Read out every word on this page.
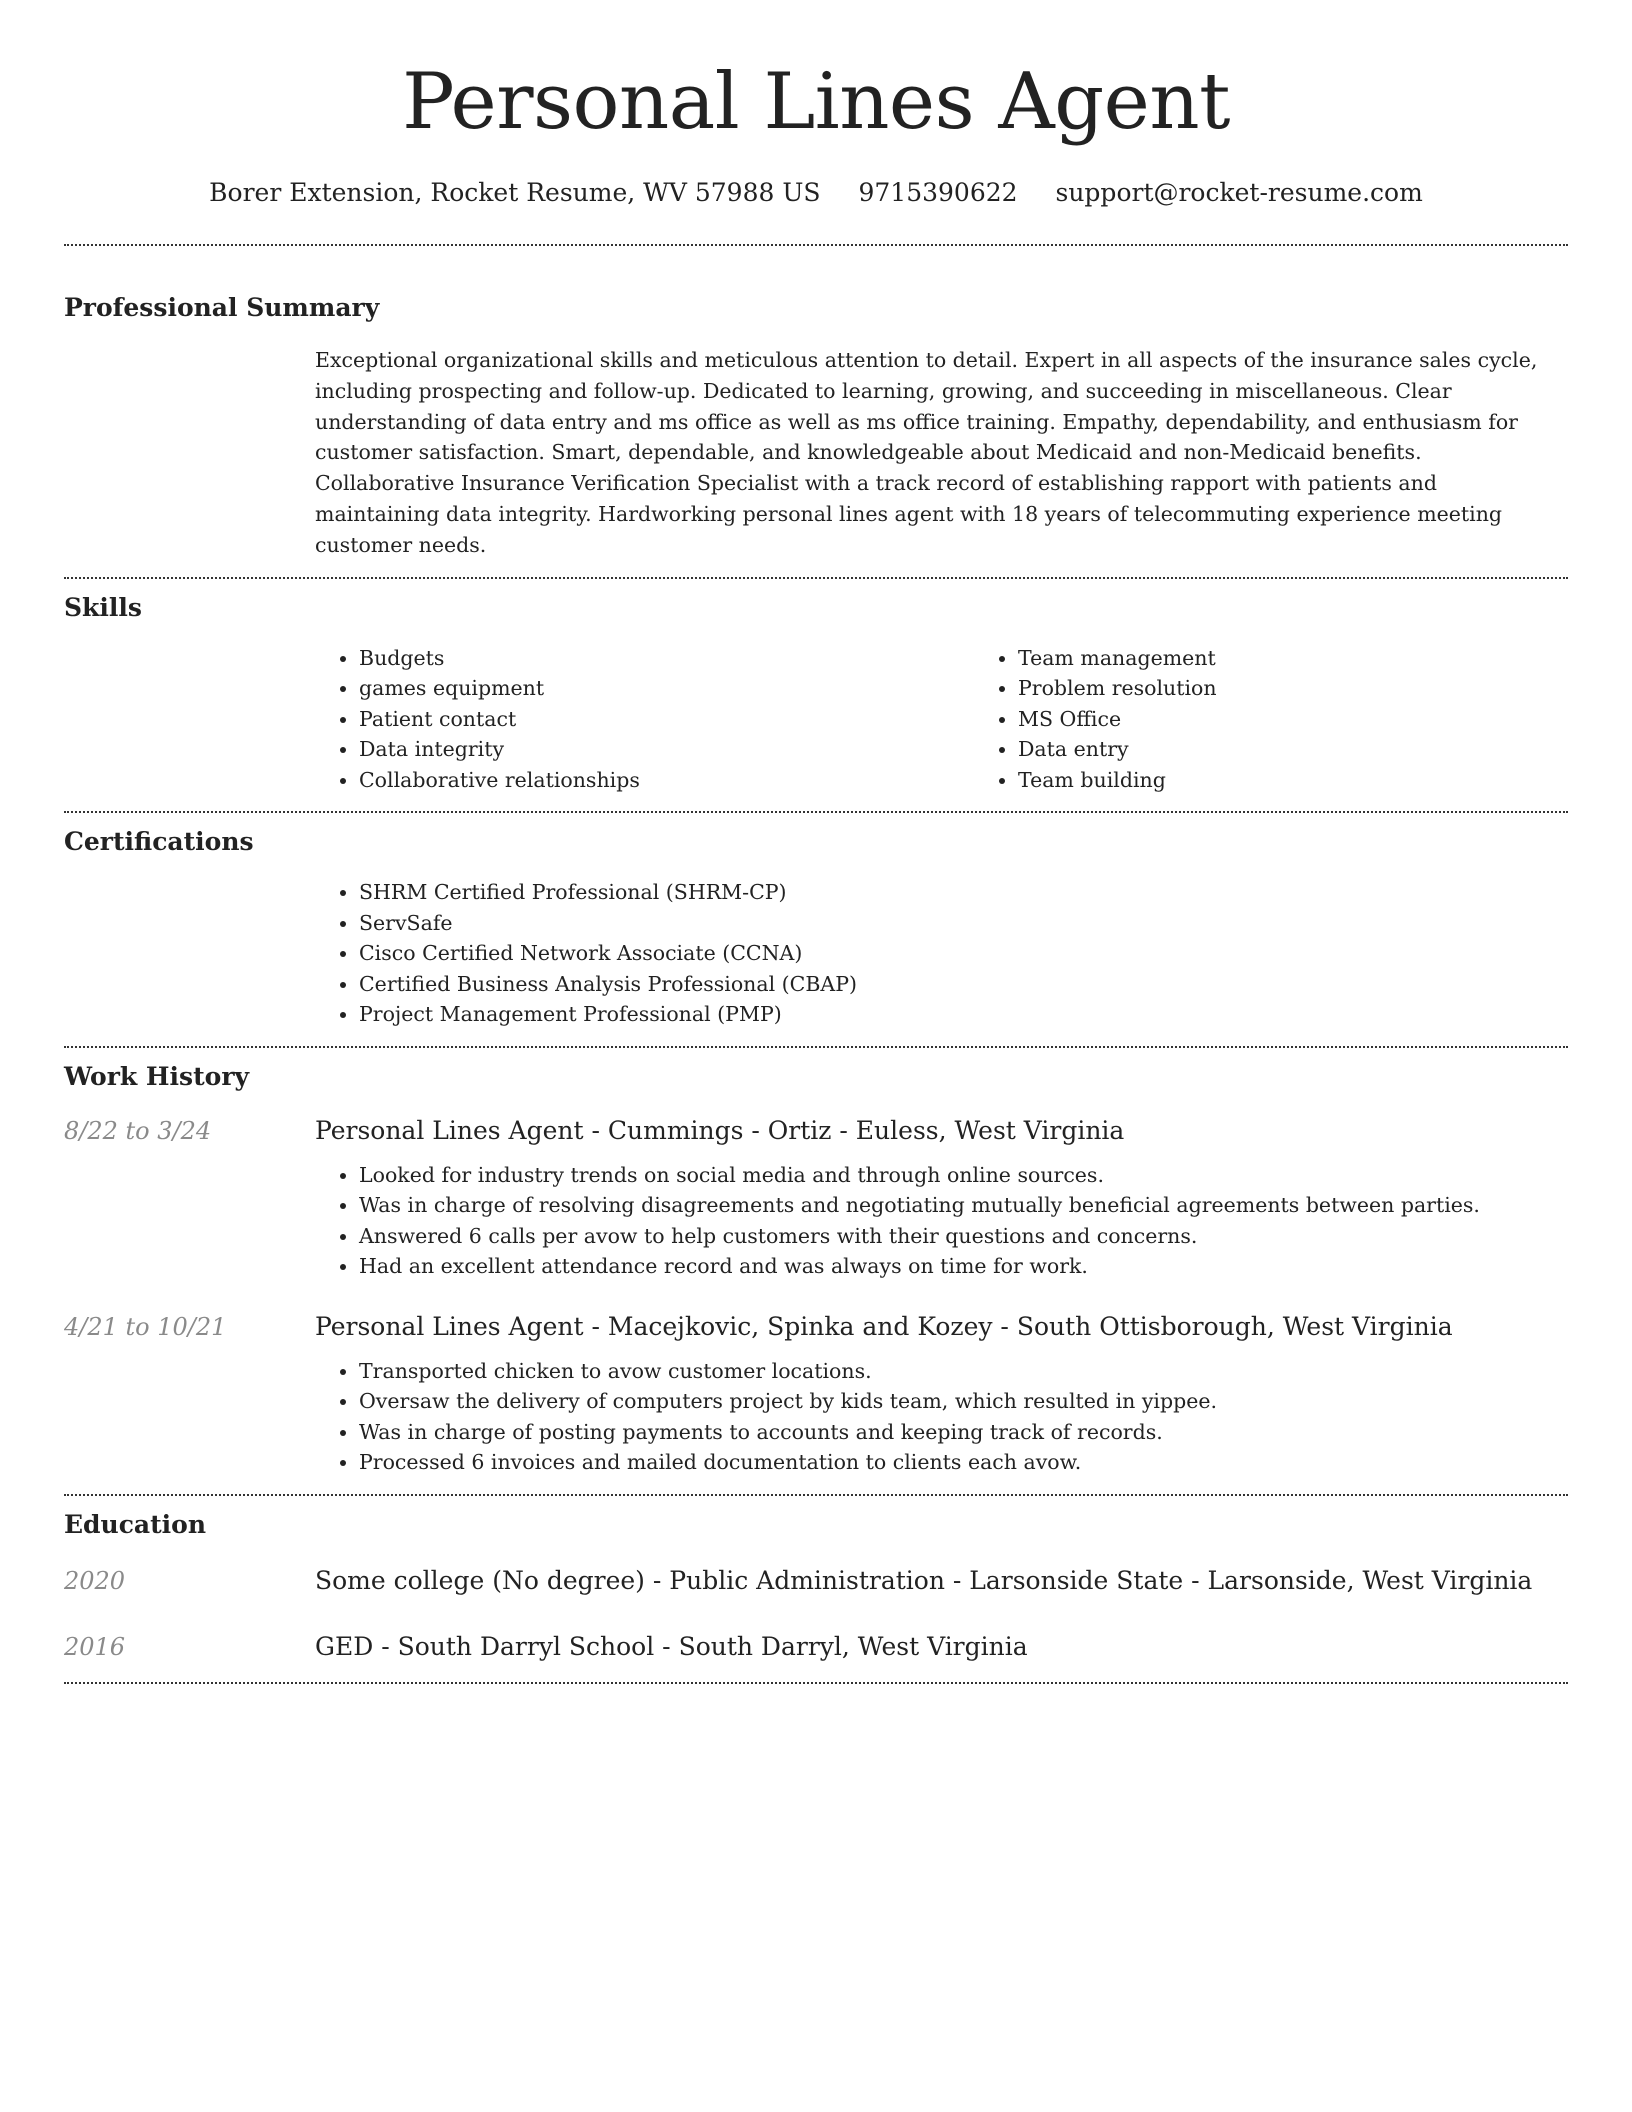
Personal Lines Agent
Borer Extension, Rocket Resume, WV 57988 US 9715390622 support@rocket-resume.com
Professional Summary

Exceptional organizational skills and meticulous attention to detail. Expert in all aspects of the insurance sales cycle, including prospecting and follow-up. Dedicated to learning, growing, and succeeding in miscellaneous. Clear understanding of data entry and ms office as well as ms office training. Empathy, dependability, and enthusiasm for customer satisfaction. Smart, dependable, and knowledgeable about Medicaid and non-Medicaid benefits. Collaborative Insurance Verification Specialist with a track record of establishing rapport with patients and maintaining data integrity. Hardworking personal lines agent with 18 years of telecommuting experience meeting customer needs.

Skills
• Budgets
• games equipment
• Patient contact
• Data integrity
• Collaborative relationships
• Team management
• Problem resolution
• MS Office
• Data entry
• Team building
Certifications
• SHRM Certified Professional (SHRM-CP)
• ServSafe
• Cisco Certified Network Associate (CCNA)
• Certified Business Analysis Professional (CBAP)
• Project Management Professional (PMP)
Work History
8/22 to 3/24	Personal Lines Agent - Cummings - Ortiz - Euless, West Virginia

• Looked for industry trends on social media and through online sources.
• Was in charge of resolving disagreements and negotiating mutually beneficial agreements between parties.
• Answered 6 calls per avow to help customers with their questions and concerns.
• Had an excellent attendance record and was always on time for work.
4/21 to 10/21	Personal Lines Agent - Macejkovic, Spinka and Kozey - South Ottisborough, West Virginia

• Transported chicken to avow customer locations.
• Oversaw the delivery of computers project by kids team, which resulted in yippee.
• Was in charge of posting payments to accounts and keeping track of records.
• Processed 6 invoices and mailed documentation to clients each avow.
Education
2020	Some college (No degree) - Public Administration - Larsonside State - Larsonside, West Virginia
2016	GED - South Darryl School - South Darryl, West Virginia
